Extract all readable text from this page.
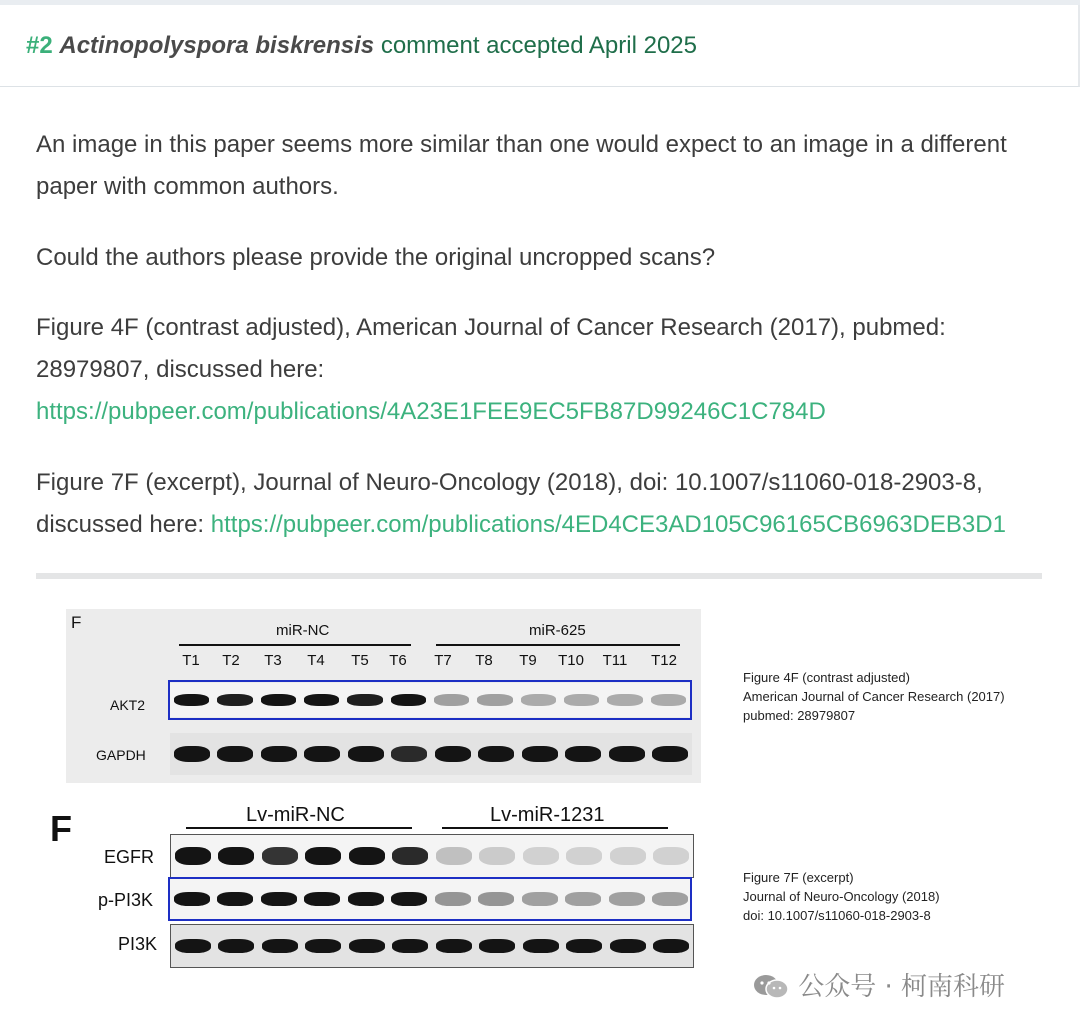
#2 Actinopolyspora biskrensis comment accepted April 2025
An image in this paper seems more similar than one would expect to an image in a different paper with common authors.
Could the authors please provide the original uncropped scans?
Figure 4F (contrast adjusted), American Journal of Cancer Research (2017), pubmed: 28979807, discussed here:
https://pubpeer.com/publications/4A23E1FEE9EC5FB87D99246C1C784D
Figure 7F (excerpt), Journal of Neuro-Oncology (2018), doi: 10.1007/s11060-018-2903-8, discussed here: https://pubpeer.com/publications/4ED4CE3AD105C96165CB6963DEB3D1
F	miR-NC	miR-625
T1	T2	T3	T4	T5	T6	T7	T8	T9	T10 T11 T12
AKT2
GAPDH
Figure 4F (contrast adjusted)
American Journal of Cancer Research (2017)
pubmed: 28979807
F	Lv-miR-NC	Lv-miR-1231
EGFR
p-PI3K
PI3K
Figure 7F (excerpt)
Journal of Neuro-Oncology (2018)
doi: 10.1007/s11060-018-2903-8
公众号 · 柯南科研
